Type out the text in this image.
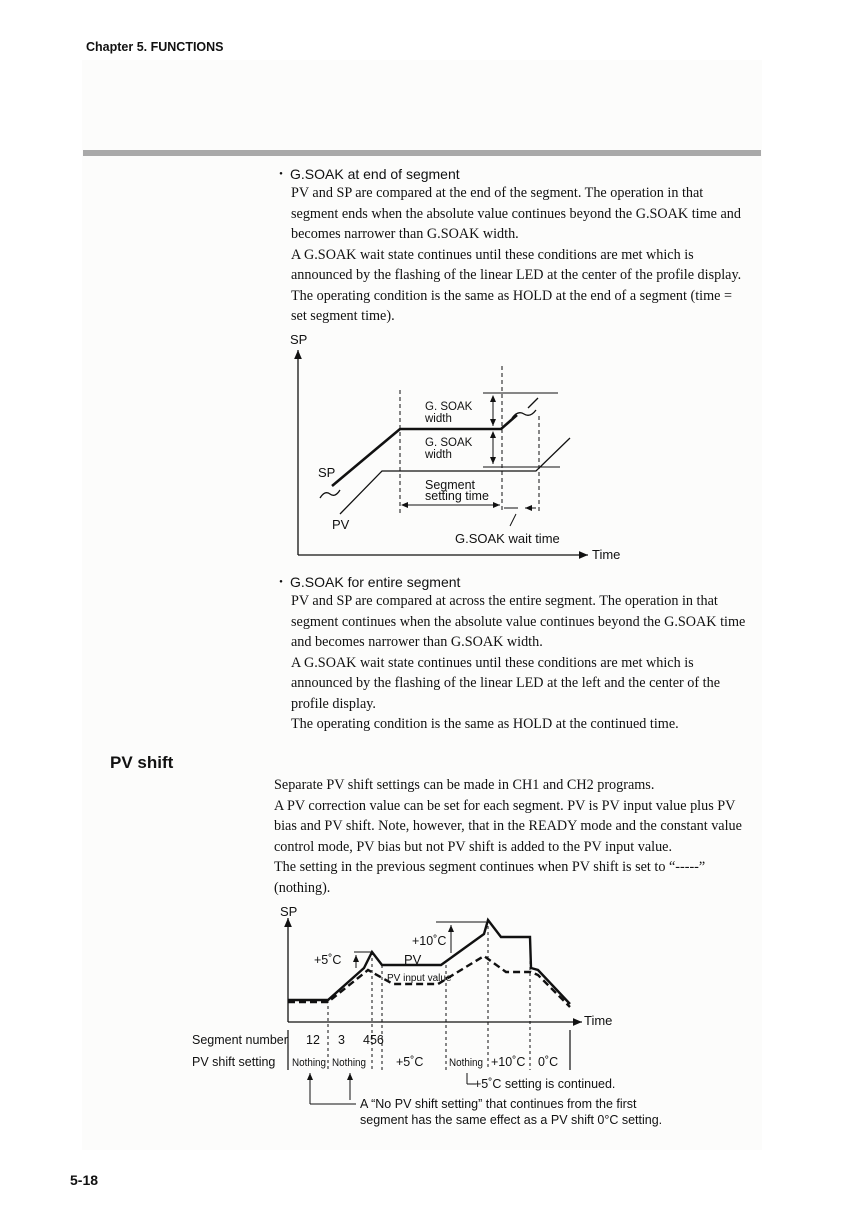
Chapter 5. FUNCTIONS
・ G.SOAK at end of segment

PV and SP are compared at the end of the segment. The operation in that

segment ends when the absolute value continues beyond the G.SOAK time and

becomes narrower than G.SOAK width.

A G.SOAK wait state continues until these conditions are met which is

announced by the flashing of the linear LED at the center of the profile display.

The operating condition is the same as HOLD at the end of a segment (time =

set segment time).

SP
Time
G. SOAK
width
G. SOAK
width
SP
PV
Segment
setting time
G.SOAK wait time
・ G.SOAK for entire segment

PV and SP are compared at across the entire segment. The operation in that

segment continues when the absolute value continues beyond the G.SOAK time

and becomes narrower than G.SOAK width.

A G.SOAK wait state continues until these conditions are met which is

announced by the flashing of the linear LED at the left and the center of the

profile display.

The operating condition is the same as HOLD at the continued time.

PV shift

Separate PV shift settings can be made in CH1 and CH2 programs.

A PV correction value can be set for each segment. PV is PV input value plus PV

bias and PV shift. Note, however, that in the READY mode and the constant value

control mode, PV bias but not PV shift is added to the PV input value.

The setting in the previous segment continues when PV shift is set to “-----”

(nothing).

SP
Time
+10˚C
+5˚C	PV
PV input value
Segment number
PV shift setting
12 3 456
Nothing Nothing +5˚C Nothing +10˚C 0˚C
+5˚C setting is continued.
A “No PV shift setting” that continues from the first
segment has the same effect as a PV shift 0°C setting.
5-18
